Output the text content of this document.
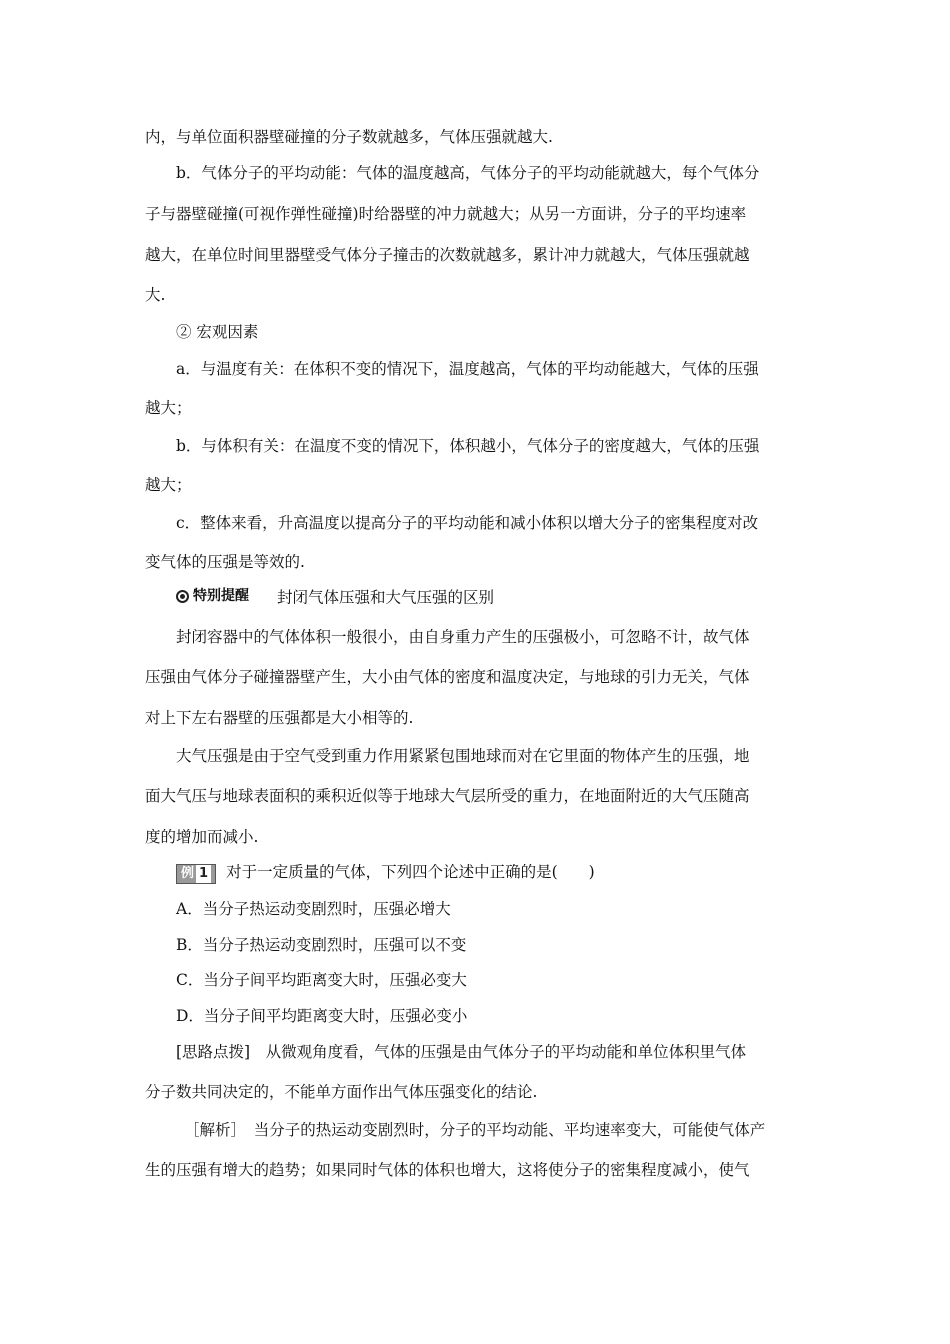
内，与单位面积器壁碰撞的分子数就越多，气体压强就越大.
b．气体分子的平均动能：气体的温度越高，气体分子的平均动能就越大，每个气体分
子与器壁碰撞(可视作弹性碰撞)时给器壁的冲力就越大；从另一方面讲，分子的平均速率
越大，在单位时间里器壁受气体分子撞击的次数就越多，累计冲力就越大，气体压强就越
大.
② 宏观因素
a．与温度有关：在体积不变的情况下，温度越高，气体的平均动能越大，气体的压强
越大；
b．与体积有关：在温度不变的情况下，体积越小，气体分子的密度越大，气体的压强
越大；
c．整体来看，升高温度以提高分子的平均动能和减小体积以增大分子的密集程度对改
变气体的压强是等效的.
特别提醒 封闭气体压强和大气压强的区别
封闭容器中的气体体积一般很小，由自身重力产生的压强极小，可忽略不计，故气体
压强由气体分子碰撞器壁产生，大小由气体的密度和温度决定，与地球的引力无关，气体
对上下左右器壁的压强都是大小相等的.
大气压强是由于空气受到重力作用紧紧包围地球而对在它里面的物体产生的压强，地
面大气压与地球表面积的乘积近似等于地球大气层所受的重力，在地面附近的大气压随高
度的增加而减小.
例 1 对于一定质量的气体，下列四个论述中正确的是(　　)
A．当分子热运动变剧烈时，压强必增大
B．当分子热运动变剧烈时，压强可以不变
C．当分子间平均距离变大时，压强必变大
D．当分子间平均距离变大时，压强必变小
[思路点拨]　从微观角度看，气体的压强是由气体分子的平均动能和单位体积里气体
分子数共同决定的，不能单方面作出气体压强变化的结论.
［解析］　当分子的热运动变剧烈时，分子的平均动能、平均速率变大，可能使气体产
生的压强有增大的趋势；如果同时气体的体积也增大，这将使分子的密集程度减小，使气
